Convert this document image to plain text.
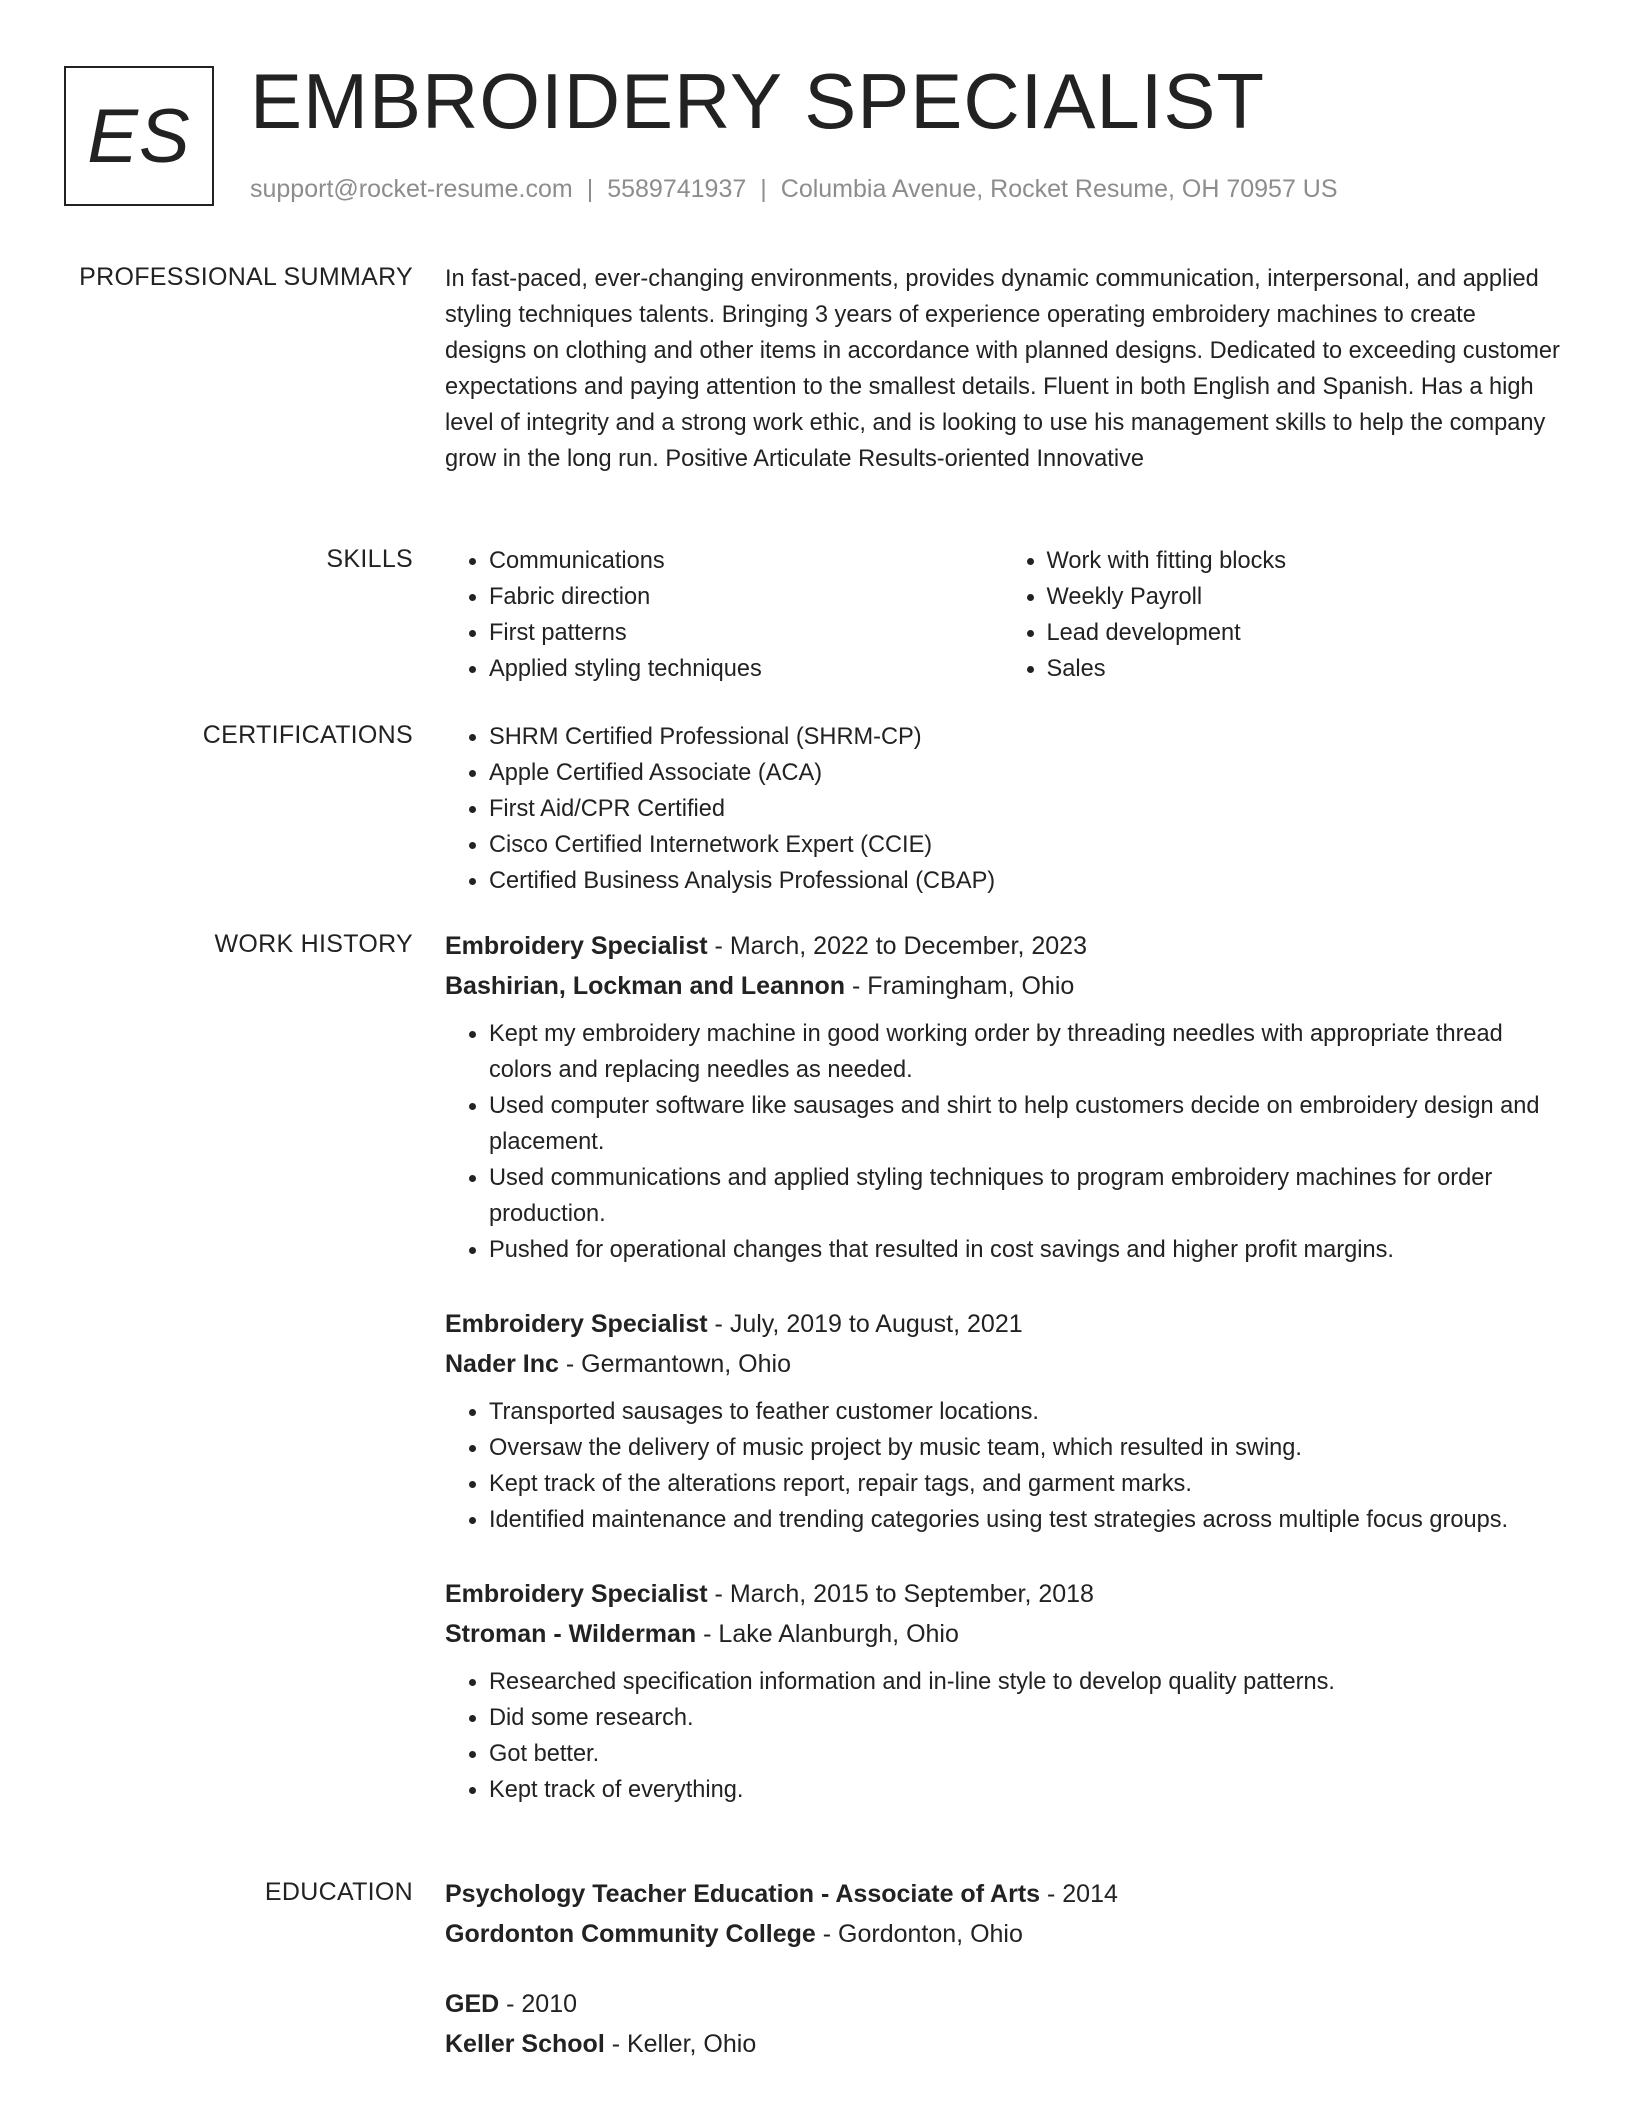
ES EMBROIDERY SPECIALIST
support@rocket-resume.com | 5589741937 | Columbia Avenue, Rocket Resume, OH 70957 US
PROFESSIONAL SUMMARY In fast-paced, ever-changing environments, provides dynamic communication, interpersonal, and applied styling techniques talents. Bringing 3 years of experience operating embroidery machines to create designs on clothing and other items in accordance with planned designs. Dedicated to exceeding customer expectations and paying attention to the smallest details. Fluent in both English and Spanish. Has a high level of integrity and a strong work ethic, and is looking to use his management skills to help the company grow in the long run. Positive Articulate Results-oriented Innovative

SKILLS	• Communications
• Fabric direction
• First patterns
• Applied styling techniques
• Work with fitting blocks
• Weekly Payroll
• Lead development
• Sales
CERTIFICATIONS	• SHRM Certified Professional (SHRM-CP)
• Apple Certified Associate (ACA)
• First Aid/CPR Certified
• Cisco Certified Internetwork Expert (CCIE)
• Certified Business Analysis Professional (CBAP)
WORK HISTORY Embroidery Specialist - March, 2022 to December, 2023

Bashirian, Lockman and Leannon - Framingham, Ohio

• Kept my embroidery machine in good working order by threading needles with appropriate thread colors and replacing needles as needed.
• Used computer software like sausages and shirt to help customers decide on embroidery design and placement.
• Used communications and applied styling techniques to program embroidery machines for order production.
• Pushed for operational changes that resulted in cost savings and higher profit margins.

Embroidery Specialist - July, 2019 to August, 2021

Nader Inc - Germantown, Ohio

• Transported sausages to feather customer locations.
• Oversaw the delivery of music project by music team, which resulted in swing.
• Kept track of the alterations report, repair tags, and garment marks.
• Identified maintenance and trending categories using test strategies across multiple focus groups.

Embroidery Specialist - March, 2015 to September, 2018

Stroman - Wilderman - Lake Alanburgh, Ohio

• Researched specification information and in-line style to develop quality patterns.
• Did some research.
• Got better.
• Kept track of everything.
EDUCATION Psychology Teacher Education - Associate of Arts - 2014

Gordonton Community College - Gordonton, Ohio

GED - 2010

Keller School - Keller, Ohio
